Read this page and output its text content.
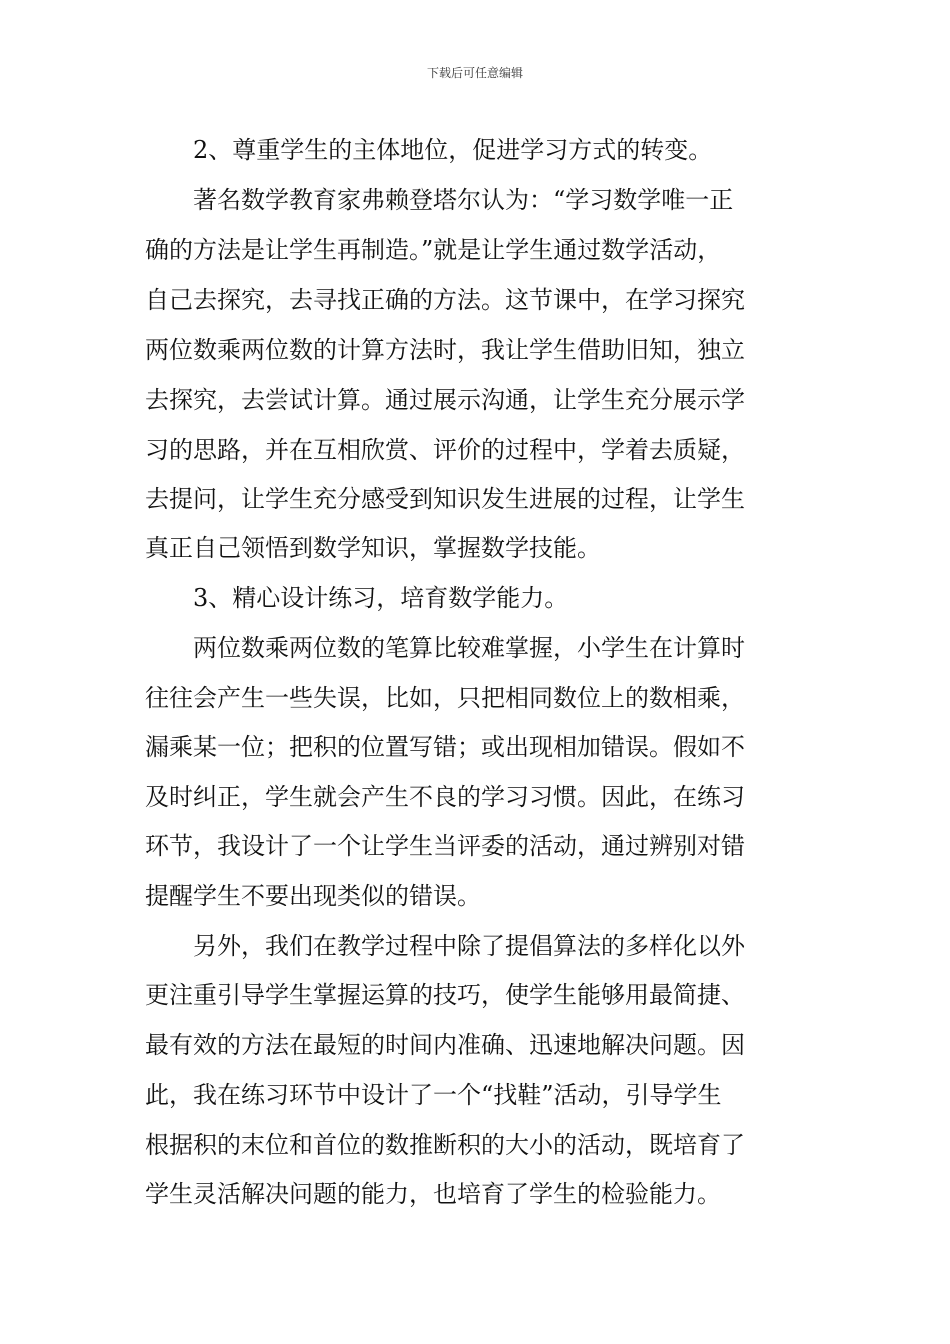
下载后可任意编辑
2、尊重学生的主体地位，促进学习方式的转变。
著名数学教育家弗赖登塔尔认为：“学习数学唯一正
确的方法是让学生再制造。”就是让学生通过数学活动，
自己去探究，去寻找正确的方法。这节课中，在学习探究
两位数乘两位数的计算方法时，我让学生借助旧知，独立
去探究，去尝试计算。通过展示沟通，让学生充分展示学
习的思路，并在互相欣赏、评价的过程中，学着去质疑，
去提问，让学生充分感受到知识发生进展的过程，让学生
真正自己领悟到数学知识，掌握数学技能。
3、精心设计练习，培育数学能力。
两位数乘两位数的笔算比较难掌握，小学生在计算时
往往会产生一些失误，比如，只把相同数位上的数相乘，
漏乘某一位；把积的位置写错；或出现相加错误。假如不
及时纠正，学生就会产生不良的学习习惯。因此，在练习
环节，我设计了一个让学生当评委的活动，通过辨别对错
提醒学生不要出现类似的错误。
另外，我们在教学过程中除了提倡算法的多样化以外
更注重引导学生掌握运算的技巧，使学生能够用最简捷、
最有效的方法在最短的时间内准确、迅速地解决问题。因
此，我在练习环节中设计了一个“找鞋”活动，引导学生
根据积的末位和首位的数推断积的大小的活动，既培育了
学生灵活解决问题的能力，也培育了学生的检验能力。
